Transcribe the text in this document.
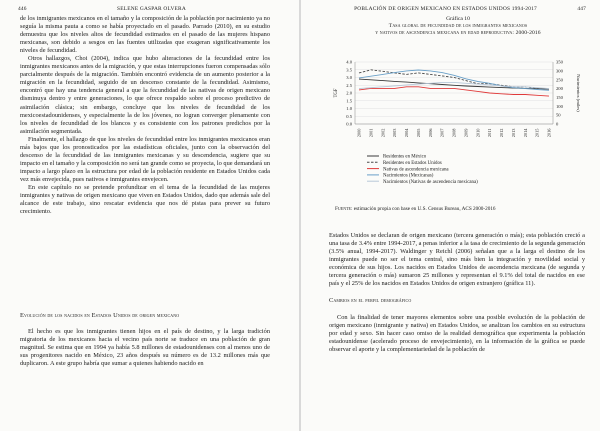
446	SELENE GASPAR OLVERA

de los inmigrantes mexicanos en el tamaño y la composición de la población por nacimiento ya no seguía la misma pauta a como se había proyectado en el pasado. Parrado (2010), en su estudio demuestra que los niveles altos de fecundidad estimados en el pasado de las mujeres hispano mexicanas, son debido a sesgos en las fuentes utilizadas que exageran significativamente los niveles de fecundidad.

Otros hallazgos, Choi (2004), indica que hubo alteraciones de la fecundidad entre los inmigrantes mexicanos antes de la migración, y que estas interrupciones fueron compensadas sólo parcialmente después de la migración. También encontró evidencia de un aumento posterior a la migración en la fecundidad, seguido de un descenso constante de la fecundidad. Asimismo, encontró que hay una tendencia general a que la fecundidad de las nativas de origen mexicano disminuya dentro y entre generaciones, lo que ofrece respaldo sobre el proceso predictivo de asimilación clásica; sin embargo, concluye que los niveles de fecundidad de los mexicoestadounidenses, y especialmente la de los jóvenes, no logran converger plenamente con los niveles de fecundidad de los blancos y es consistente con los patrones predichos por la asimilación segmentada.

Finalmente, el hallazgo de que los niveles de fecundidad entre los inmigrantes mexicanos eran más bajos que los pronosticados por las estadísticas oficiales, junto con la observación del descenso de la fecundidad de las inmigrantes mexicanas y su descendencia, sugiere que su impacto en el tamaño y la composición no será tan grande como se proyecta, lo que demandará un impacto a largo plazo en la estructura por edad de la población residente en Estados Unidos cada vez más envejecida, pues nativos e inmigrantes envejecen.

En este capítulo no se pretende profundizar en el tema de la fecundidad de las mujeres inmigrantes y nativas de origen mexicano que viven en Estados Unidos, dado que además sale del alcance de este trabajo, sino rescatar evidencia que nos dé pistas para prever su futuro crecimiento.

Evolución de los nacidos en Estados Unidos de origen mexicano

El hecho es que los inmigrantes tienen hijos en el país de destino, y la larga tradición migratoria de los mexicanos hacia el vecino país norte se traduce en una población de gran magnitud. Se estima que en 1994 ya había 5.8 millones de estadounidenses con al menos uno de sus progenitores nacido en México, 23 años después su número es de 13.2 millones más que duplicaron. A este grupo habría que sumar a quienes habiendo nacido en

POBLACIÓN DE ORIGEN MEXICANO EN ESTADOS UNIDOS 1994-2017	447
Gráfica 10
Tasa global de fecundidad de los inmigrantes mexicanos
y nativos de ascendencia mexicana en edad reproductiva: 2000-2016
0.0
0.5
1.0
1.5
2.0
2.5
3.0
3.5
4.0
0
50
100
150
200
250
300
350
2000 2001 2002 2003 2004 2005 2006 2007 2008 2009 2010 2011 2012 2013 2014 2015 2016
TGF	Nacimientos (miles)
Residentes en México
Residentes en Estados Unidos
Nativas de ascendencia mexicana
Nacimientos (Mexicanas)
Nacimientos (Nativas de ascendencia mexicana)
Fuente: estimación propia con base en U.S. Census Bureau, ACS 2000-2016

Estados Unidos se declaran de origen mexicano (tercera generación o más); esta población creció a una tasa de 3.4% entre 1994-2017, a penas inferior a la tasa de crecimiento de la segunda generación (3.5% anual, 1994-2017). Waldinger y Reichl (2006) señalan que a la larga el destino de los inmigrantes puede no ser el tema central, sino más bien la integración y movilidad social y económica de sus hijos. Los nacidos en Estados Unidos de ascendencia mexicana (de segunda y tercera generación o más) sumaron 25 millones y representan el 9.1% del total de nacidos en ese país y el 25% de los nacidos en Estados Unidos de origen extranjero (gráfica 11).

Cambios en el perfil demográfico

Con la finalidad de tener mayores elementos sobre una posible evolución de la población de origen mexicano (inmigrante y nativa) en Estados Unidos, se analizan los cambios en su estructura por edad y sexo. Sin hacer caso omiso de la realidad demográfica que experimenta la población estadounidense (acelerado proceso de envejecimiento), en la información de la gráfica se puede observar el aporte y la complementariedad de la población de
